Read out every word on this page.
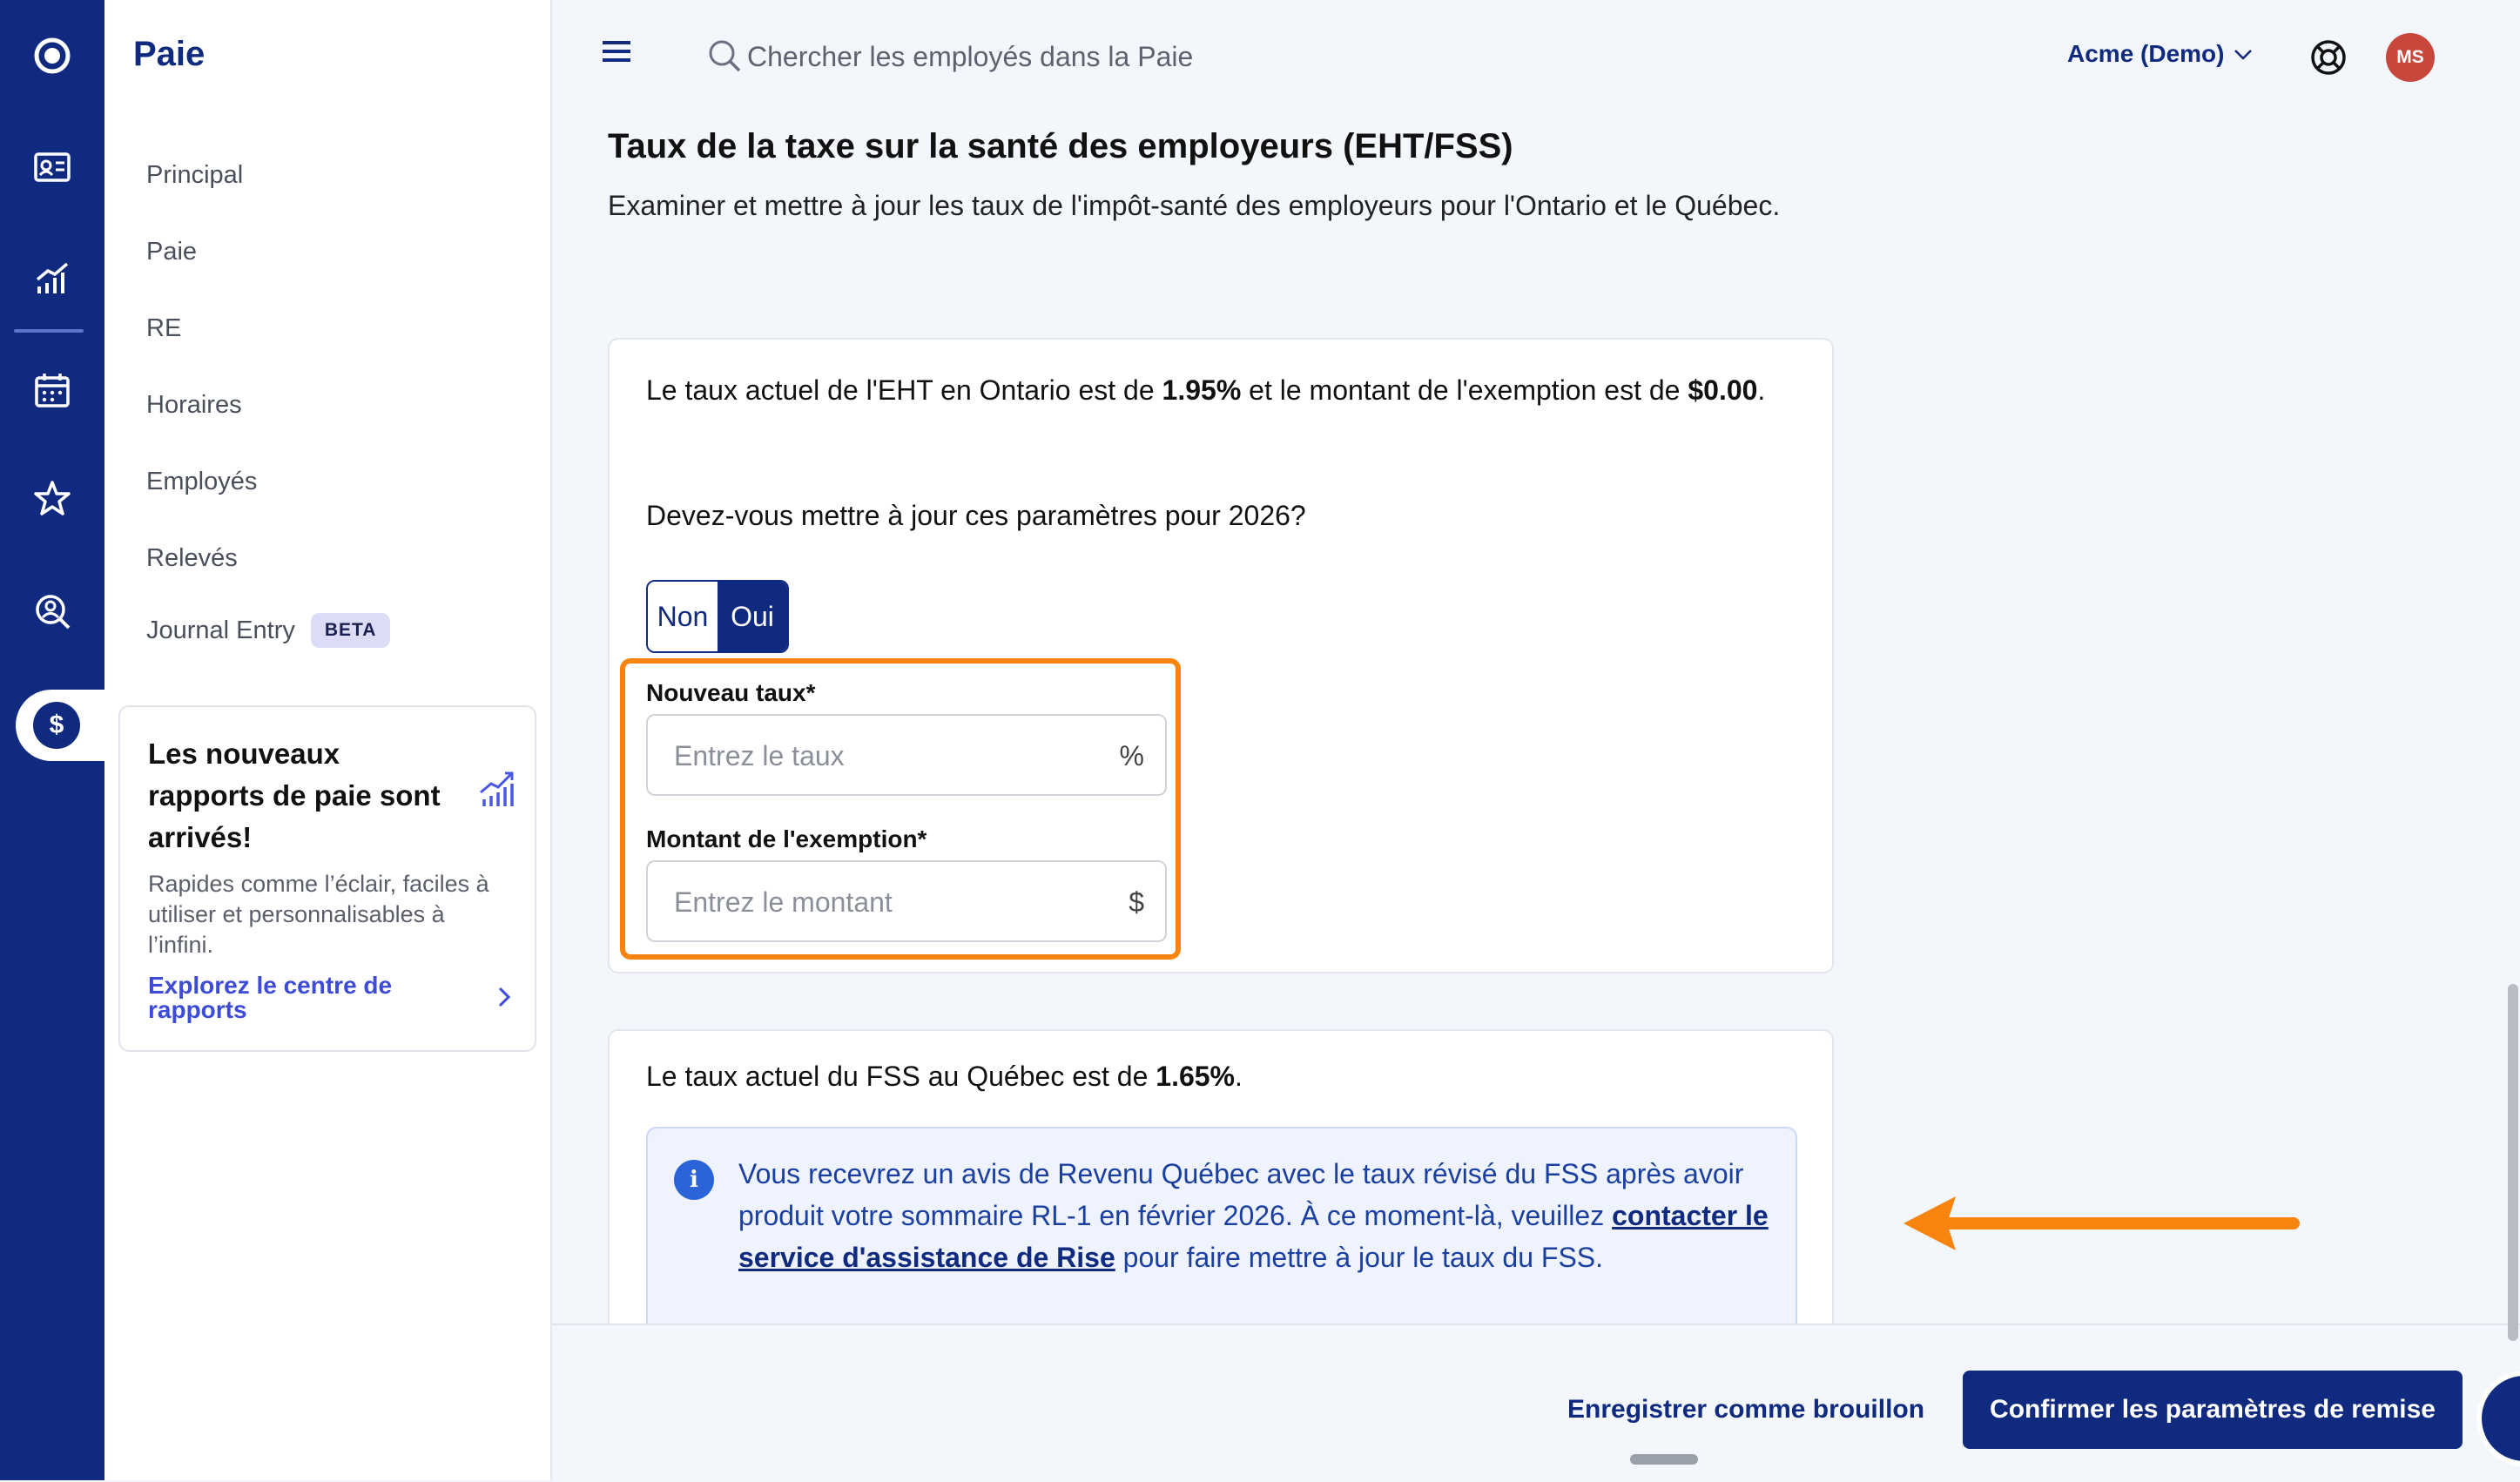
$
Paie
Principal
Paie
RE
Horaires
Employés
Relevés
Journal Entry	BETA
Les nouveaux rapports de paie sont arrivés!
Rapides comme l’éclair, faciles à utiliser et personnalisables à l’infini.
Explorez le centre de rapports
Chercher les employés dans la Paie
Acme (Demo)	MS
Taux de la taxe sur la santé des employeurs (EHT/FSS)
Examiner et mettre à jour les taux de l'impôt-santé des employeurs pour l'Ontario et le Québec.
Le taux actuel de l'EHT en Ontario est de 1.95% et le montant de l'exemption est de $0.00.
Devez-vous mettre à jour ces paramètres pour 2026?
Non Oui
Nouveau taux*
Entrez le taux
%
Montant de l'exemption*
Entrez le montant
$
Le taux actuel du FSS au Québec est de 1.65%.
i	Vous recevrez un avis de Revenu Québec avec le taux révisé du FSS après avoir produit votre sommaire RL-1 en février 2026. À ce moment-là, veuillez contacter le service d'assistance de Rise pour faire mettre à jour le taux du FSS.
Enregistrer comme brouillon	Confirmer les paramètres de remise
